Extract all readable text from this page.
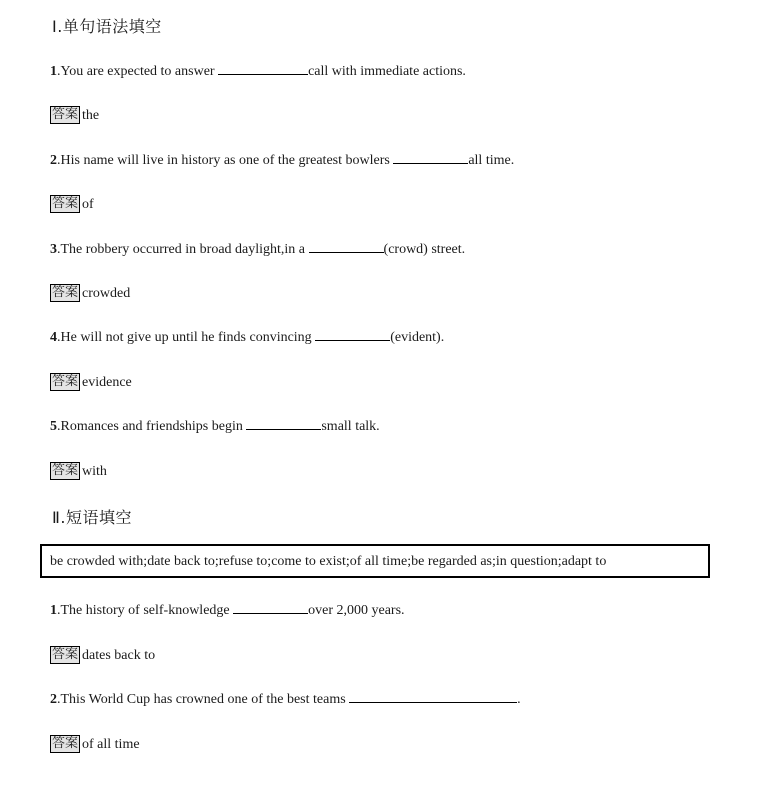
Ⅰ.单句语法填空
1.You are expected to answer	call with immediate actions.
答案 the
2.His name will live in history as one of the greatest bowlers	all time.
答案 of
3.The robbery occurred in broad daylight,in a	(crowd) street.
答案 crowded
4.He will not give up until he finds convincing	(evident).
答案 evidence
5.Romances and friendships begin	small talk.
答案 with
Ⅱ.短语填空
be crowded with;date back to;refuse to;come to exist;of all time;be regarded as;in question;adapt to
1.The history of self-knowledge	over 2,000 years.
答案 dates back to
2.This World Cup has crowned one of the best teams	.
答案 of all time
